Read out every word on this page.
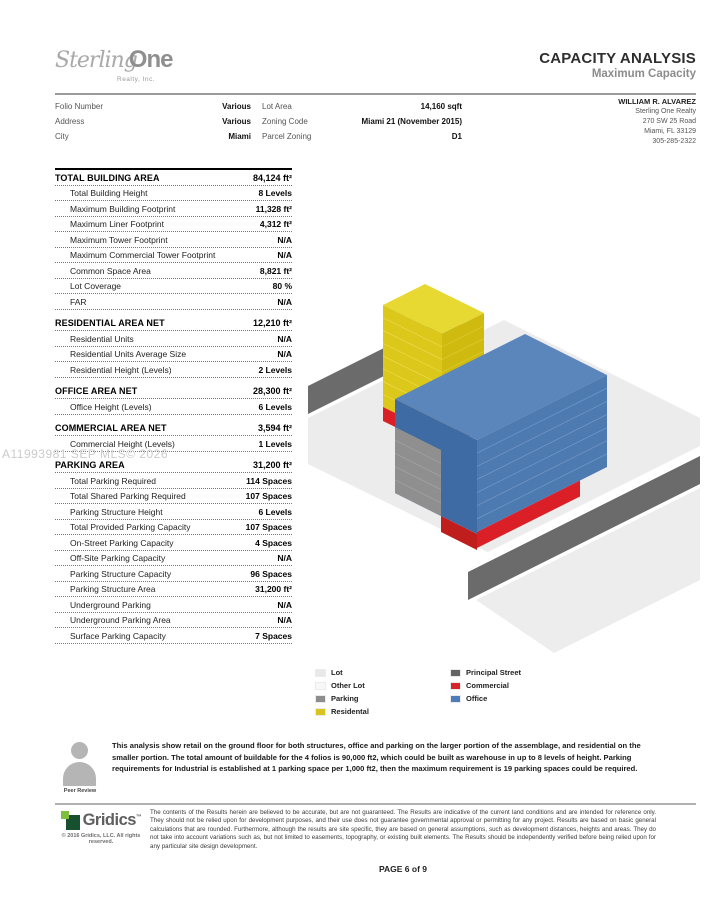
SterlingOne
Realty, Inc.
CAPACITY ANALYSIS
Maximum Capacity
Folio Number	Various
Address	Various
City	Miami
Lot Area	14,160 sqft
Zoning Code	Miami 21 (November 2015)
Parcel Zoning	D1
WILLIAM R. ALVAREZ
Sterling One Realty
270 SW 25 Road
Miami, FL 33129
305-285-2322
A11993981 SEP MLS© 2026
TOTAL BUILDING AREA	84,124 ft²
Total Building Height	8 Levels
Maximum Building Footprint	11,328 ft²
Maximum Liner Footprint	4,312 ft²
Maximum Tower Footprint	N/A
Maximum Commercial Tower Footprint	N/A
Common Space Area	8,821 ft²
Lot Coverage	80 %
FAR	N/A
RESIDENTIAL AREA NET	12,210 ft²
Residential Units	N/A
Residential Units Average Size	N/A
Residential Height (Levels)	2 Levels
OFFICE AREA NET	28,300 ft²
Office Height (Levels)	6 Levels
COMMERCIAL AREA NET	3,594 ft²
Commercial Height (Levels)	1 Levels
PARKING AREA	31,200 ft²
Total Parking Required	114 Spaces
Total Shared Parking Required	107 Spaces
Parking Structure Height	6 Levels
Total Provided Parking Capacity	107 Spaces
On-Street Parking Capacity	4 Spaces
Off-Site Parking Capacity	N/A
Parking Structure Capacity	96 Spaces
Parking Structure Area	31,200 ft²
Underground Parking	N/A
Underground Parking Area	N/A
Surface Parking Capacity	7 Spaces
Lot
Other Lot
Parking
Residental
Principal Street
Commercial
Office
Peer Review
This analysis show retail on the ground floor for both structures, office and parking on the larger portion of the assemblage, and residential on the smaller portion. The total amount of buildable for the 4 folios is 90,000 ft2, which could be built as warehouse in up to 8 levels of height. Parking requirements for Industrial is established at 1 parking space per 1,000 ft2, then the maximum requirement is 19 parking spaces could be required.
Gridics™
© 2016 Gridics, LLC. All rights reserved.
The contents of the Results herein are believed to be accurate, but are not guaranteed. The Results are indicative of the current land conditions and are intended for reference only. They should not be relied upon for development purposes, and their use does not guarantee governmental approval or permitting for any project. Results are based on basic general calculations that are rounded. Furthermore, although the results are site specific, they are based on general assumptions, such as development distances, heights and areas. They do not take into account variations such as, but not limited to easements, topography, or existing built elements. The Results should be independently verified before being relied upon for any particular site design development.
PAGE 6 of 9
